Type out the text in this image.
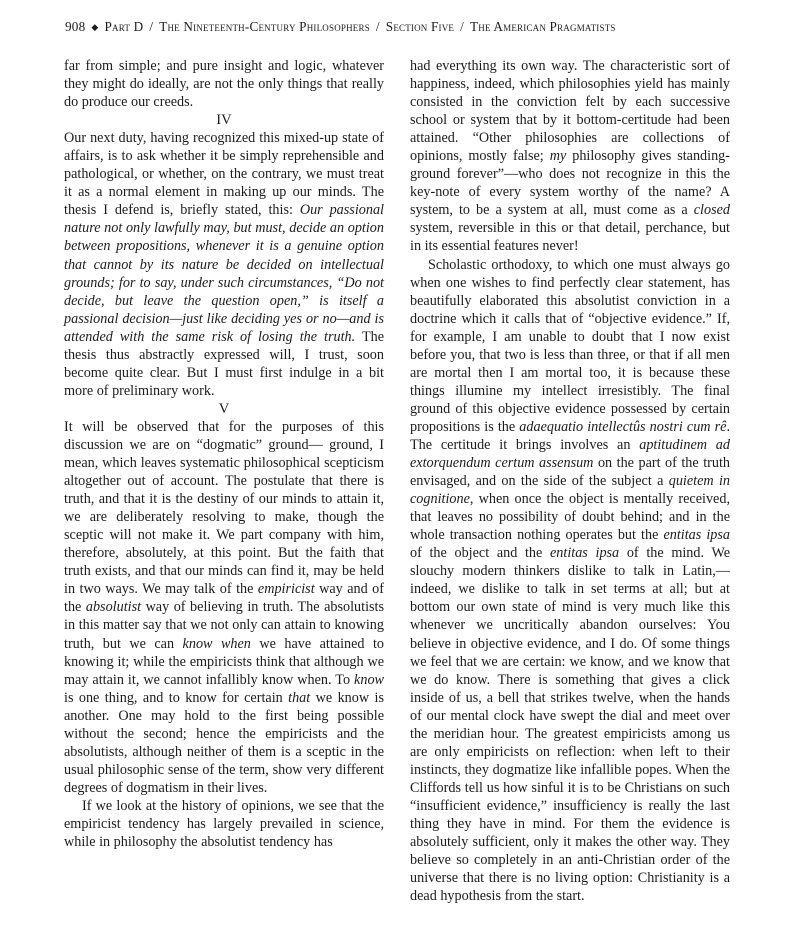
908 ◆ Part D / The Nineteenth-Century Philosophers / Section Five / The American Pragmatists

far from simple; and pure insight and logic, whatever they might do ideally, are not the only things that really do produce our creeds.

IV

Our next duty, having recognized this mixed-up state of affairs, is to ask whether it be simply reprehensible and pathological, or whether, on the contrary, we must treat it as a normal element in making up our minds. The thesis I defend is, briefly stated, this: Our passional nature not only lawfully may, but must, decide an option between propositions, whenever it is a genuine option that cannot by its nature be decided on intellectual grounds; for to say, under such circumstances, “Do not decide, but leave the question open,” is itself a passional decision—just like deciding yes or no—and is attended with the same risk of losing the truth. The thesis thus abstractly expressed will, I trust, soon become quite clear. But I must first indulge in a bit more of preliminary work.

V

It will be observed that for the purposes of this discussion we are on “dogmatic” ground— ground, I mean, which leaves systematic philosophical scepticism altogether out of account. The postulate that there is truth, and that it is the destiny of our minds to attain it, we are deliberately resolving to make, though the sceptic will not make it. We part company with him, therefore, absolutely, at this point. But the faith that truth exists, and that our minds can find it, may be held in two ways. We may talk of the empiricist way and of the absolutist way of believing in truth. The absolutists in this matter say that we not only can attain to knowing truth, but we can know when we have attained to knowing it; while the empiricists think that although we may attain it, we cannot infallibly know when. To know is one thing, and to know for certain that we know is another. One may hold to the first being possible without the second; hence the empiricists and the absolutists, although neither of them is a sceptic in the usual philosophic sense of the term, show very different degrees of dogmatism in their lives.

If we look at the history of opinions, we see that the empiricist tendency has largely prevailed in science, while in philosophy the absolutist tendency has

had everything its own way. The characteristic sort of happiness, indeed, which philosophies yield has mainly consisted in the conviction felt by each successive school or system that by it bottom-certitude had been attained. “Other philosophies are collections of opinions, mostly false; my philosophy gives standing-ground forever”—who does not recognize in this the key-note of every system worthy of the name? A system, to be a system at all, must come as a closed system, reversible in this or that detail, perchance, but in its essential features never!

Scholastic orthodoxy, to which one must always go when one wishes to find perfectly clear statement, has beautifully elaborated this absolutist conviction in a doctrine which it calls that of “objective evidence.” If, for example, I am unable to doubt that I now exist before you, that two is less than three, or that if all men are mortal then I am mortal too, it is because these things illumine my intellect irresistibly. The final ground of this objective evidence possessed by certain propositions is the adaequatio intellectûs nostri cum rê. The certitude it brings involves an aptitudinem ad extorquendum certum assensum on the part of the truth envisaged, and on the side of the subject a quietem in cognitione, when once the object is mentally received, that leaves no possibility of doubt behind; and in the whole transaction nothing operates but the entitas ipsa of the object and the entitas ipsa of the mind. We slouchy modern thinkers dislike to talk in Latin,—indeed, we dislike to talk in set terms at all; but at bottom our own state of mind is very much like this whenever we uncritically abandon ourselves: You believe in objective evidence, and I do. Of some things we feel that we are certain: we know, and we know that we do know. There is something that gives a click inside of us, a bell that strikes twelve, when the hands of our mental clock have swept the dial and meet over the meridian hour. The greatest empiricists among us are only empiricists on reflection: when left to their instincts, they dogmatize like infallible popes. When the Cliffords tell us how sinful it is to be Christians on such “insufficient evidence,” insufficiency is really the last thing they have in mind. For them the evidence is absolutely sufficient, only it makes the other way. They believe so completely in an anti-Christian order of the universe that there is no living option: Christianity is a dead hypothesis from the start.
